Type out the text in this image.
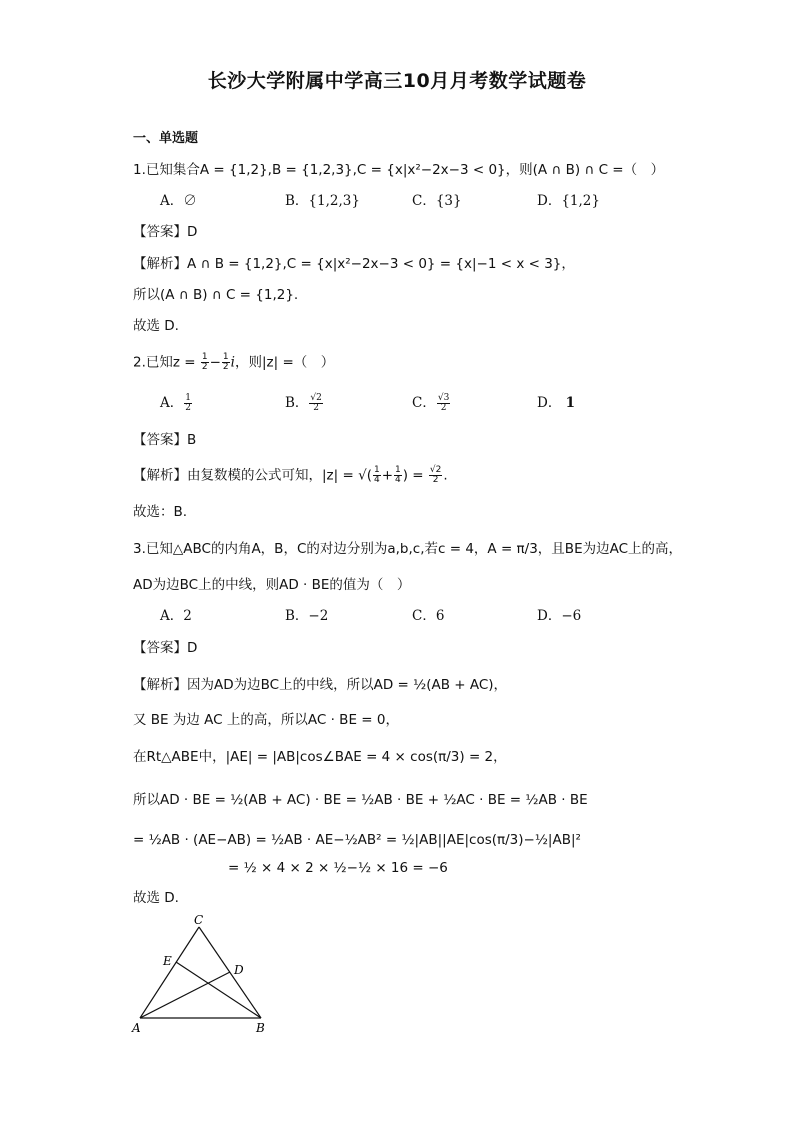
长沙大学附属中学高三10月月考数学试题卷
一、单选题
1.已知集合A = {1,2},B = {1,2,3},C = {x|x²−2x−3 < 0}，则(A ∩ B) ∩ C =（　）
A．∅	B．{1,2,3}	C．{3}	D．{1,2}
【答案】D
【解析】A ∩ B = {1,2},C = {x|x²−2x−3 < 0} = {x|−1 < x < 3}，
所以(A ∩ B) ∩ C = {1,2}.
故选 D.
2.已知$z = \frac{1}{2} - \frac{1}{2}$ i，则|z| =（　）
A． $\frac{1}{2}$	B． $\frac{√2}{2}$	C． $\frac{√3}{2}$	D． 1
【答案】B
【解析】由复数模的公式可知，|z| = √( $\frac{1}{4} + \frac{1}{4}$ ) = $\frac{√2}{2}$ .
故选：B.
3.已知△ABC的内角A，B，C的对边分别为a,b,c,若c = 4，A = π/3，且BE为边AC上的高，
AD为边BC上的中线，则AD · BE的值为（　）
A．2	B．−2	C．6	D．−6
【答案】D
【解析】因为AD为边BC上的中线，所以AD = ½(AB + AC)，
又 BE 为边 AC 上的高，所以AC · BE = 0，
在Rt△ABE中，|AE| = |AB|cos∠BAE = 4 × cos(π/3) = 2，
所以AD · BE = ½(AB + AC) · BE = ½AB · BE + ½AC · BE = ½AB · BE
= ½AB · (AE−AB) = ½AB · AE−½AB² = ½|AB||AE|cos(π/3)−½|AB|²
= ½ × 4 × 2 × ½−½ × 16 = −6
故选 D.
C
E
D
A	B
